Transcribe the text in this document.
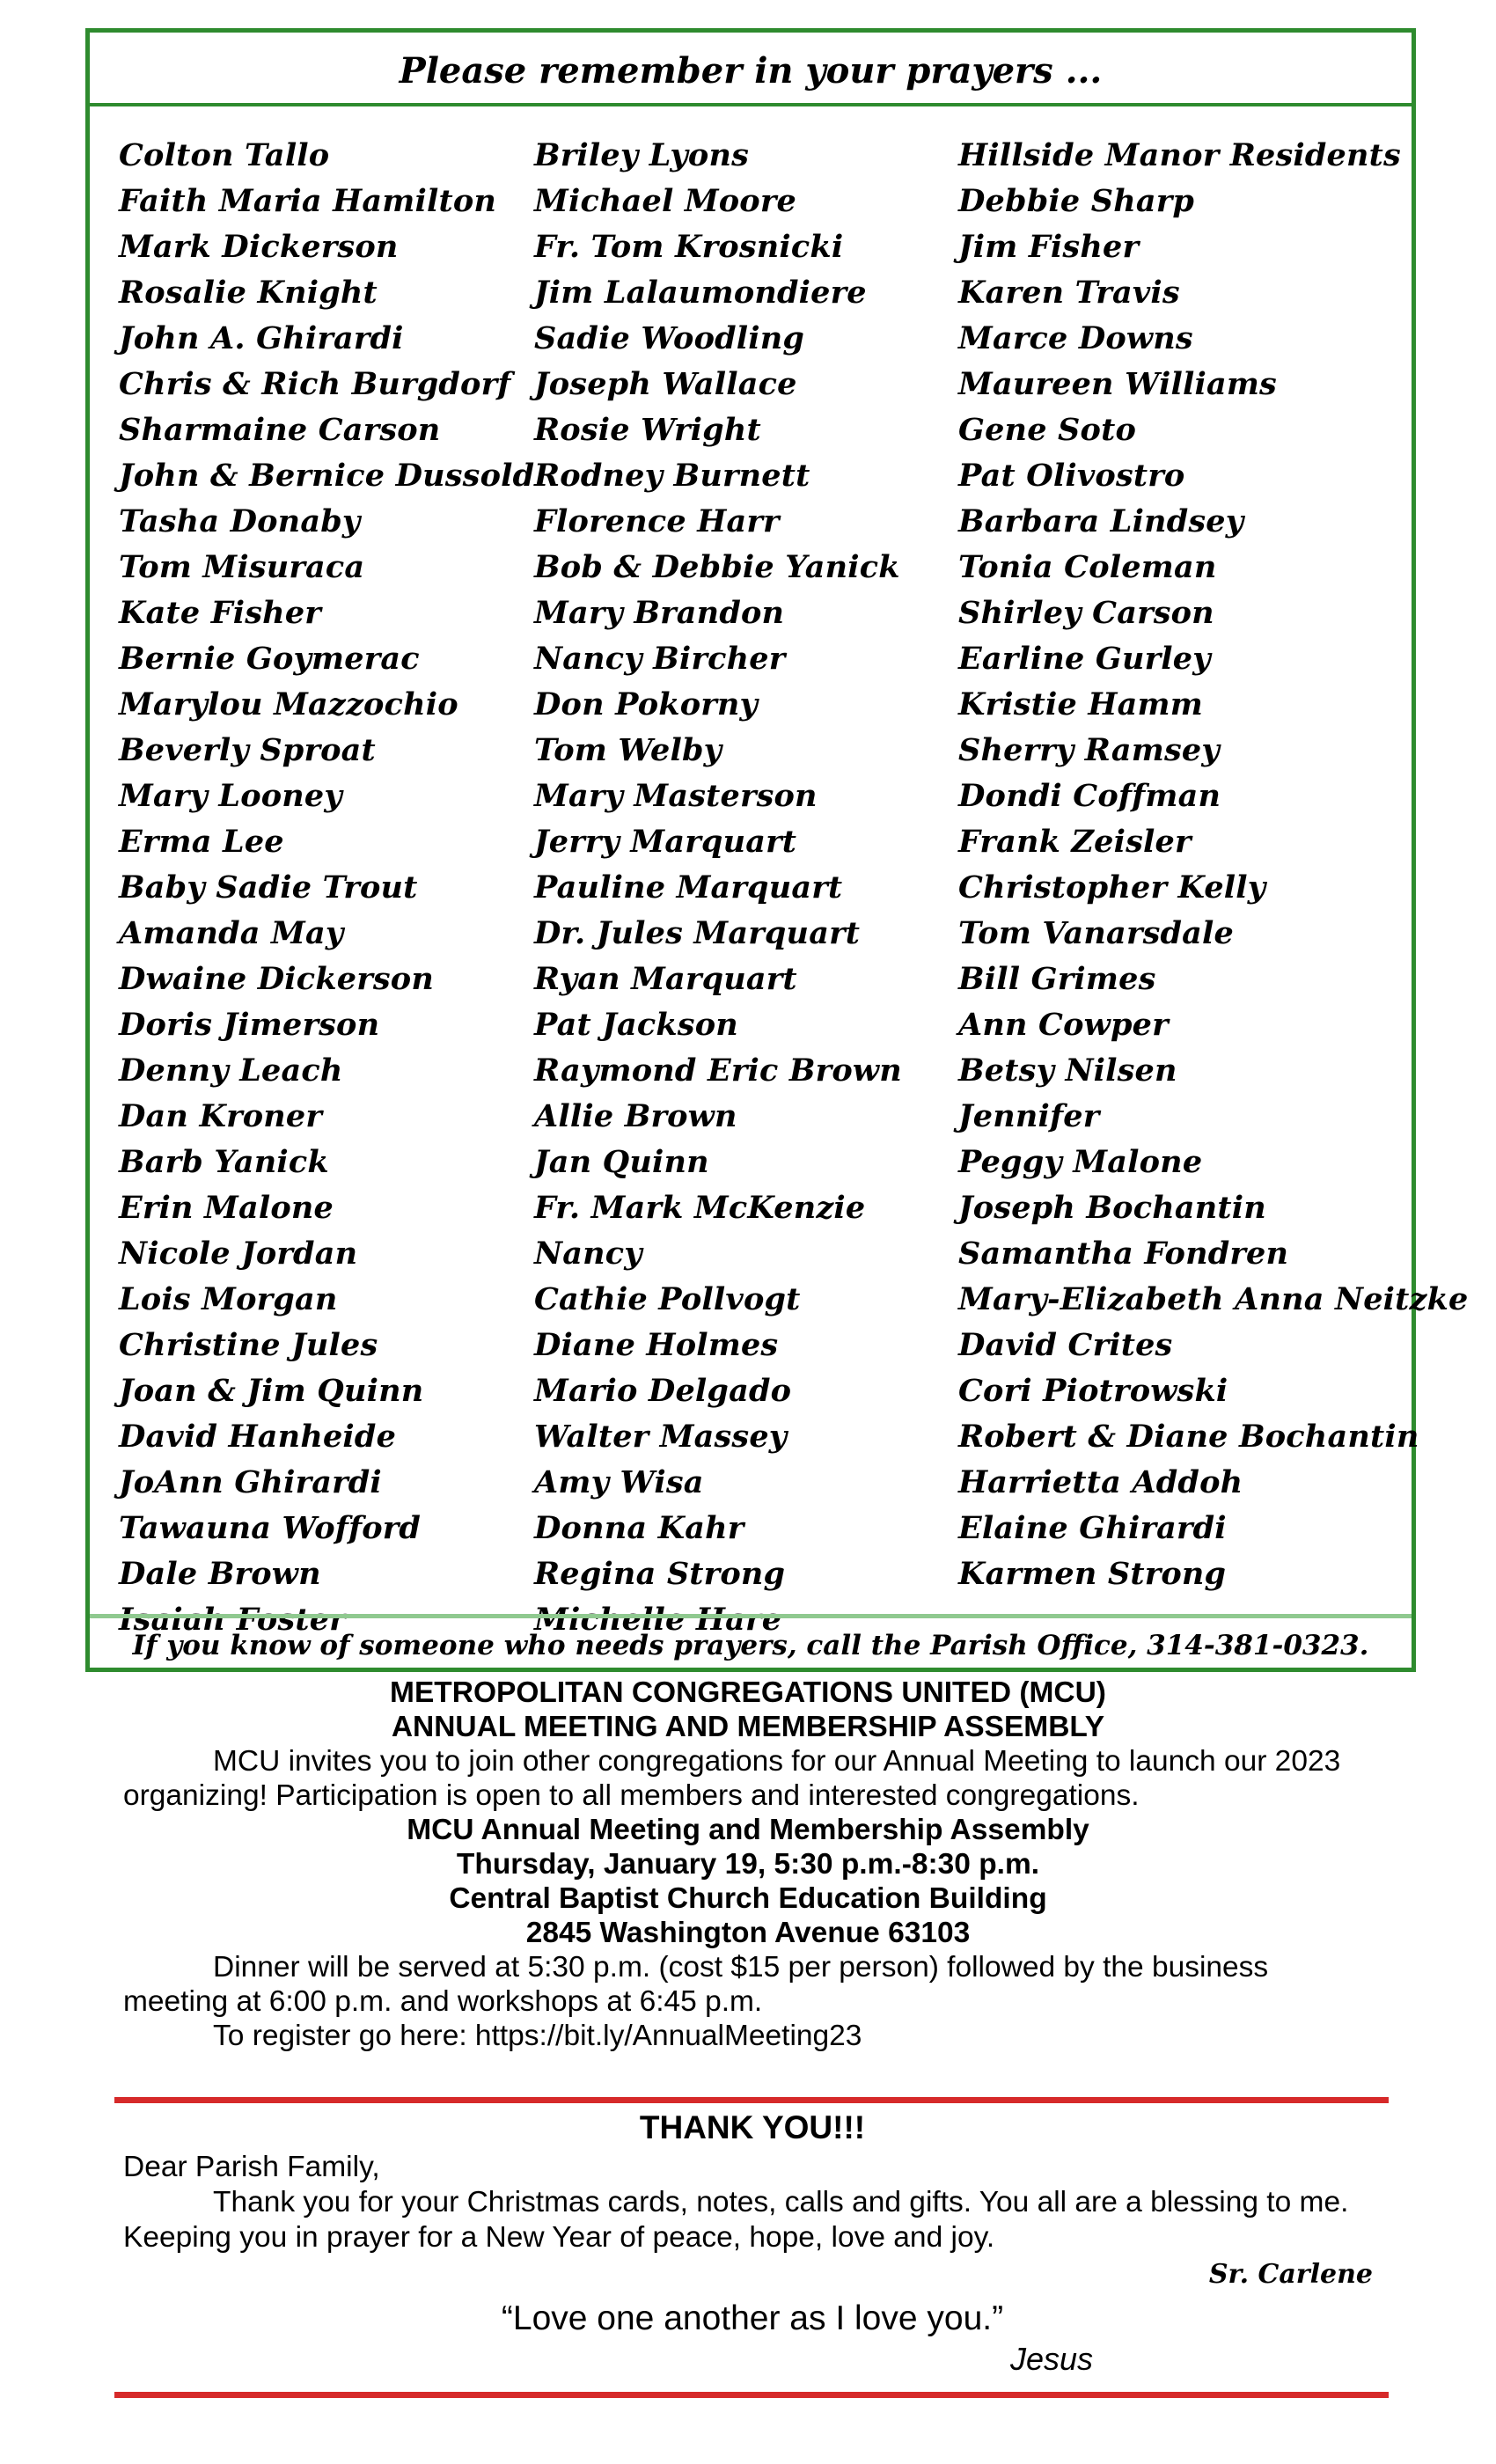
Please remember in your prayers ...
Colton Tallo
Faith Maria Hamilton
Mark Dickerson
Rosalie Knight
John A. Ghirardi
Chris & Rich Burgdorf
Sharmaine Carson
John & Bernice Dussold
Tasha Donaby
Tom Misuraca
Kate Fisher
Bernie Goymerac
Marylou Mazzochio
Beverly Sproat
Mary Looney
Erma Lee
Baby Sadie Trout
Amanda May
Dwaine Dickerson
Doris Jimerson
Denny Leach
Dan Kroner
Barb Yanick
Erin Malone
Nicole Jordan
Lois Morgan
Christine Jules
Joan & Jim Quinn
David Hanheide
JoAnn Ghirardi
Tawauna Wofford
Dale Brown
Isaiah Foster
Briley Lyons
Michael Moore
Fr. Tom Krosnicki
Jim Lalaumondiere
Sadie Woodling
Joseph Wallace
Rosie Wright
Rodney Burnett
Florence Harr
Bob & Debbie Yanick
Mary Brandon
Nancy Bircher
Don Pokorny
Tom Welby
Mary Masterson
Jerry Marquart
Pauline Marquart
Dr. Jules Marquart
Ryan Marquart
Pat Jackson
Raymond Eric Brown
Allie Brown
Jan Quinn
Fr. Mark McKenzie
Nancy
Cathie Pollvogt
Diane Holmes
Mario Delgado
Walter Massey
Amy Wisa
Donna Kahr
Regina Strong
Michelle Hare
Hillside Manor Residents
Debbie Sharp
Jim Fisher
Karen Travis
Marce Downs
Maureen Williams
Gene Soto
Pat Olivostro
Barbara Lindsey
Tonia Coleman
Shirley Carson
Earline Gurley
Kristie Hamm
Sherry Ramsey
Dondi Coffman
Frank Zeisler
Christopher Kelly
Tom Vanarsdale
Bill Grimes
Ann Cowper
Betsy Nilsen
Jennifer
Peggy Malone
Joseph Bochantin
Samantha Fondren
Mary-Elizabeth Anna Neitzke
David Crites
Cori Piotrowski
Robert & Diane Bochantin
Harrietta Addoh
Elaine Ghirardi
Karmen Strong
If you know of someone who needs prayers, call the Parish Office, 314-381-0323.

METROPOLITAN CONGREGATIONS UNITED (MCU)

ANNUAL MEETING AND MEMBERSHIP ASSEMBLY

MCU invites you to join other congregations for our Annual Meeting to launch our 2023 organizing! Participation is open to all members and interested congregations.

MCU Annual Meeting and Membership Assembly

Thursday, January 19, 5:30 p.m.-8:30 p.m.

Central Baptist Church Education Building

2845 Washington Avenue 63103

Dinner will be served at 5:30 p.m. (cost $15 per person) followed by the business meeting at 6:00 p.m. and workshops at 6:45 p.m.

To register go here: https://bit.ly/AnnualMeeting23

THANK YOU!!!

Dear Parish Family,

Thank you for your Christmas cards, notes, calls and gifts. You all are a blessing to me. Keeping you in prayer for a New Year of peace, hope, love and joy.

Sr. Carlene
“Love one another as I love you.”
Jesus
